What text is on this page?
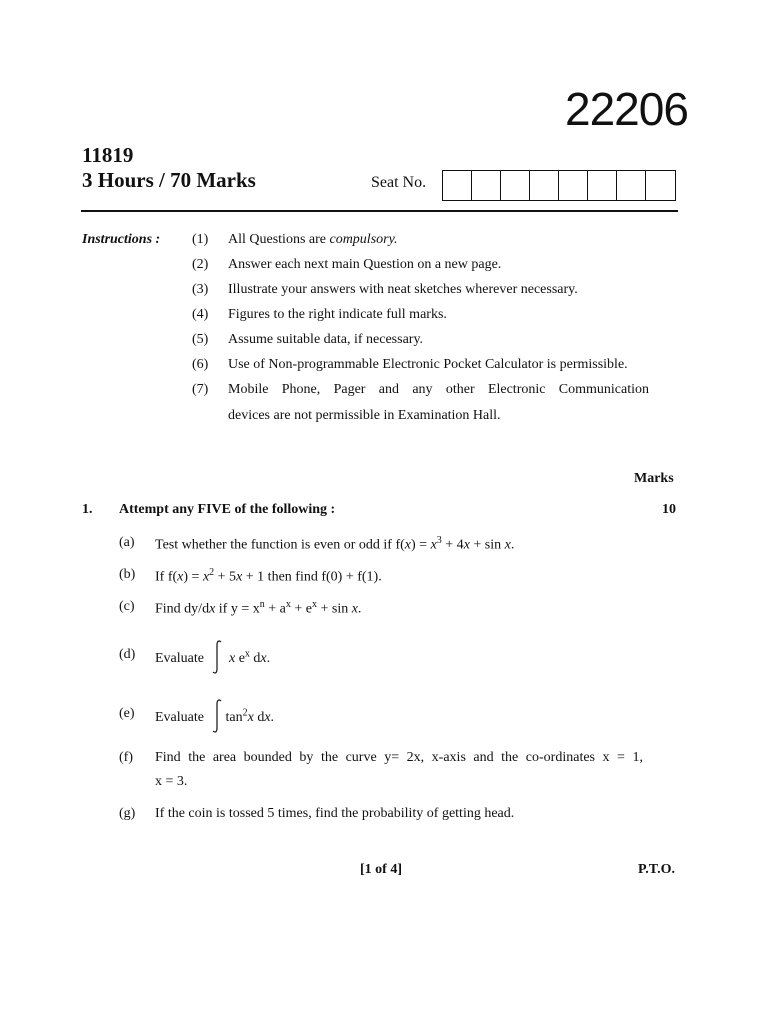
22206
11819
3 Hours / 70 Marks	Seat No.
Instructions : (1) All Questions are compulsory.
(2) Answer each next main Question on a new page.
(3) Illustrate your answers with neat sketches wherever necessary.
(4) Figures to the right indicate full marks.
(5) Assume suitable data, if necessary.
(6) Use of Non-programmable Electronic Pocket Calculator is permissible.
(7) Mobile Phone, Pager and any other Electronic Communication
devices are not permissible in Examination Hall.
Marks
1. Attempt any FIVE of the following :	10
(a) Test whether the function is even or odd if $f(x) = x^3 + 4x + \sin x$.
(b) If $f(x) = x^2 + 5x + 1$ then find f(0) + f(1).
(c) Find dy/dx if $y = x^n + a^x + e^x + \sin x$.
(d) Evaluate x $e^x$ dx.
(e) Evaluate $\tan^2x$ dx.
(f) Find the area bounded by the curve y= 2x, x-axis and the co-ordinates x = 1,
x = 3.
(g) If the coin is tossed 5 times, find the probability of getting head.
[1 of 4]	P.T.O.
